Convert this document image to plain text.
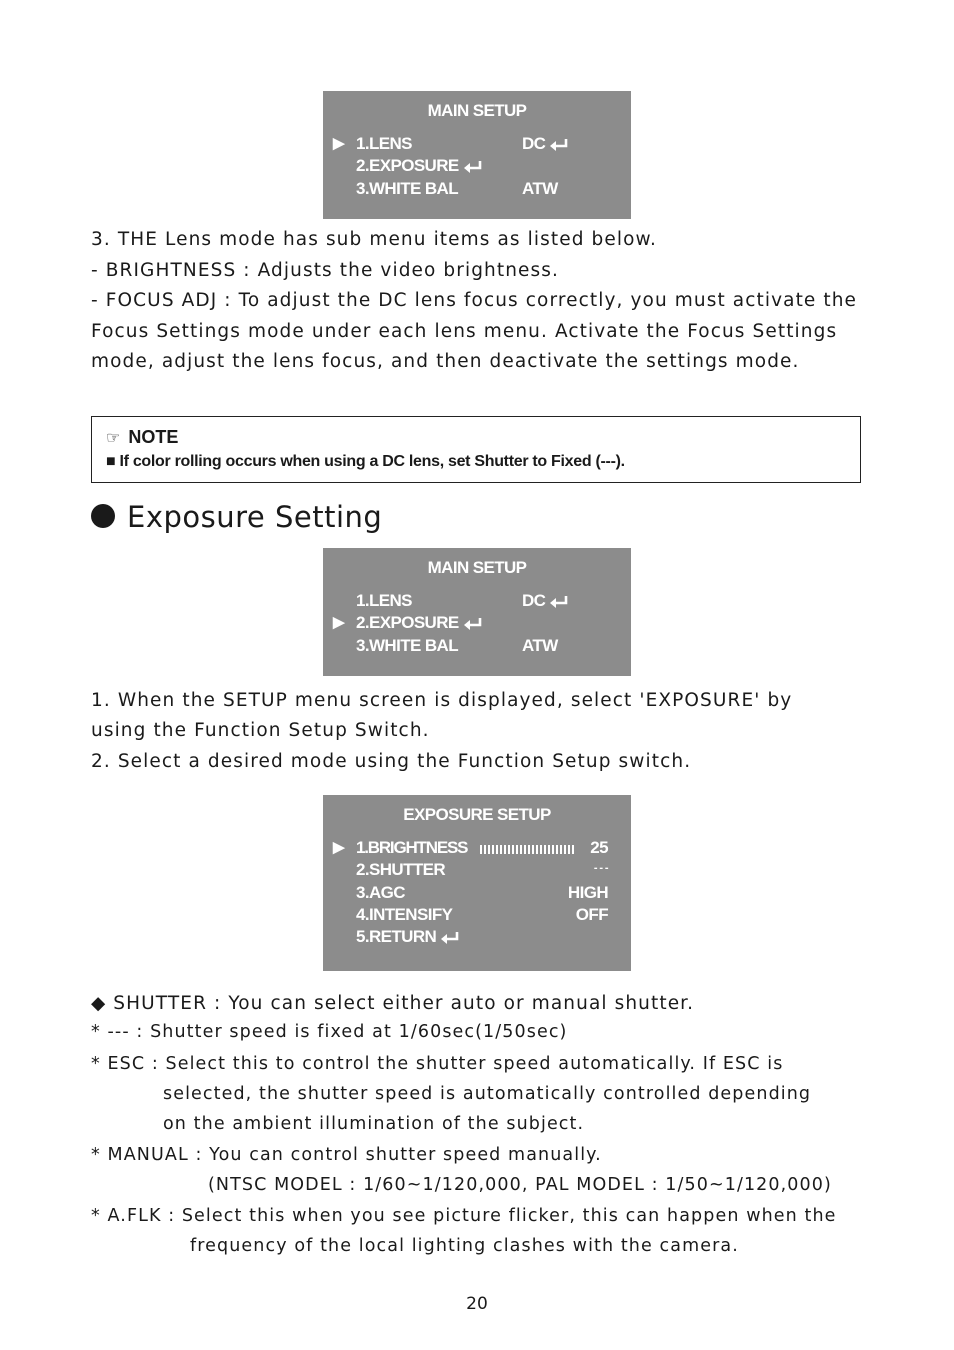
MAIN SETUP
▶ 1.LENS	DC
2.EXPOSURE
3.WHITE BAL	ATW
3. THE Lens mode has sub menu items as listed below.
- BRIGHTNESS : Adjusts the video brightness.
- FOCUS ADJ : To adjust the DC lens focus correctly, you must activate the
Focus Settings mode under each lens menu. Activate the Focus Settings
mode, adjust the lens focus, and then deactivate the settings mode.
☞ NOTE
■ If color rolling occurs when using a DC lens, set Shutter to Fixed (---).
Exposure Setting
MAIN SETUP
1.LENS	DC
▶ 2.EXPOSURE
3.WHITE BAL	ATW
1. When the SETUP menu screen is displayed, select 'EXPOSURE' by
using the Function Setup Switch.
2. Select a desired mode using the Function Setup switch.
EXPOSURE SETUP
▶ 1.BRIGHTNESS	25
2.SHUTTER	- - -
3.AGC	HIGH
4.INTENSIFY	OFF
5.RETURN
◆ SHUTTER : You can select either auto or manual shutter.
* --- : Shutter speed is fixed at 1/60sec(1/50sec)
* ESC : Select this to control the shutter speed automatically. If ESC is
selected, the shutter speed is automatically controlled depending
on the ambient illumination of the subject.
* MANUAL : You can control shutter speed manually.
(NTSC MODEL : 1/60~1/120,000, PAL MODEL : 1/50~1/120,000)
* A.FLK : Select this when you see picture flicker, this can happen when the
frequency of the local lighting clashes with the camera.
20
